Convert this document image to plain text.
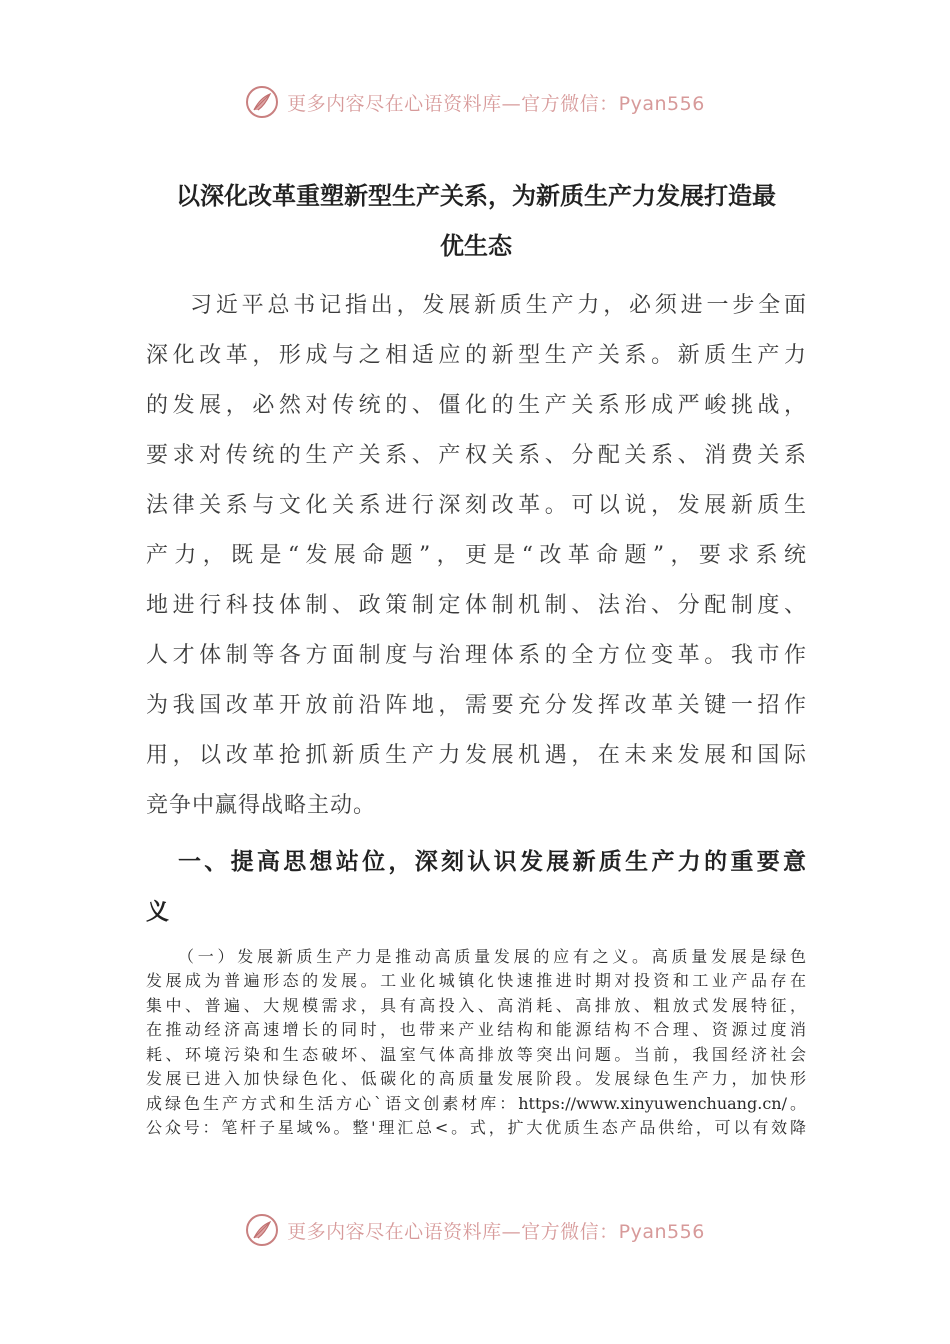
更多内容尽在心语资料库—官方微信：Pyan556
以深化改革重塑新型生产关系，为新质生产力发展打造最
优生态
习近平总书记指出，发展新质生产力，必须进一步全面
深化改革，形成与之相适应的新型生产关系。新质生产力
的发展，必然对传统的、僵化的生产关系形成严峻挑战，
要求对传统的生产关系、产权关系、分配关系、消费关系
法律关系与文化关系进行深刻改革。可以说，发展新质生
产力，既是“发展命题”，更是“改革命题”，要求系统
地进行科技体制、政策制定体制机制、法治、分配制度、
人才体制等各方面制度与治理体系的全方位变革。我市作
为我国改革开放前沿阵地，需要充分发挥改革关键一招作
用，以改革抢抓新质生产力发展机遇，在未来发展和国际
竞争中赢得战略主动。
一、提高思想站位，深刻认识发展新质生产力的重要意
义
（一）发展新质生产力是推动高质量发展的应有之义。高质量发展是绿色
发展成为普遍形态的发展。工业化城镇化快速推进时期对投资和工业产品存在
集中、普遍、大规模需求，具有高投入、高消耗、高排放、粗放式发展特征，
在推动经济高速增长的同时，也带来产业结构和能源结构不合理、资源过度消
耗、环境污染和生态破坏、温室气体高排放等突出问题。当前，我国经济社会
发展已进入加快绿色化、低碳化的高质量发展阶段。发展绿色生产力，加快形
成绿色生产方式和生活方心`语文创素材库：https://www.xinyuwenchuang.cn/。
公众号：笔杆子星域%。整'理汇总<。式，扩大优质生态产品供给，可以有效降
更多内容尽在心语资料库—官方微信：Pyan556
